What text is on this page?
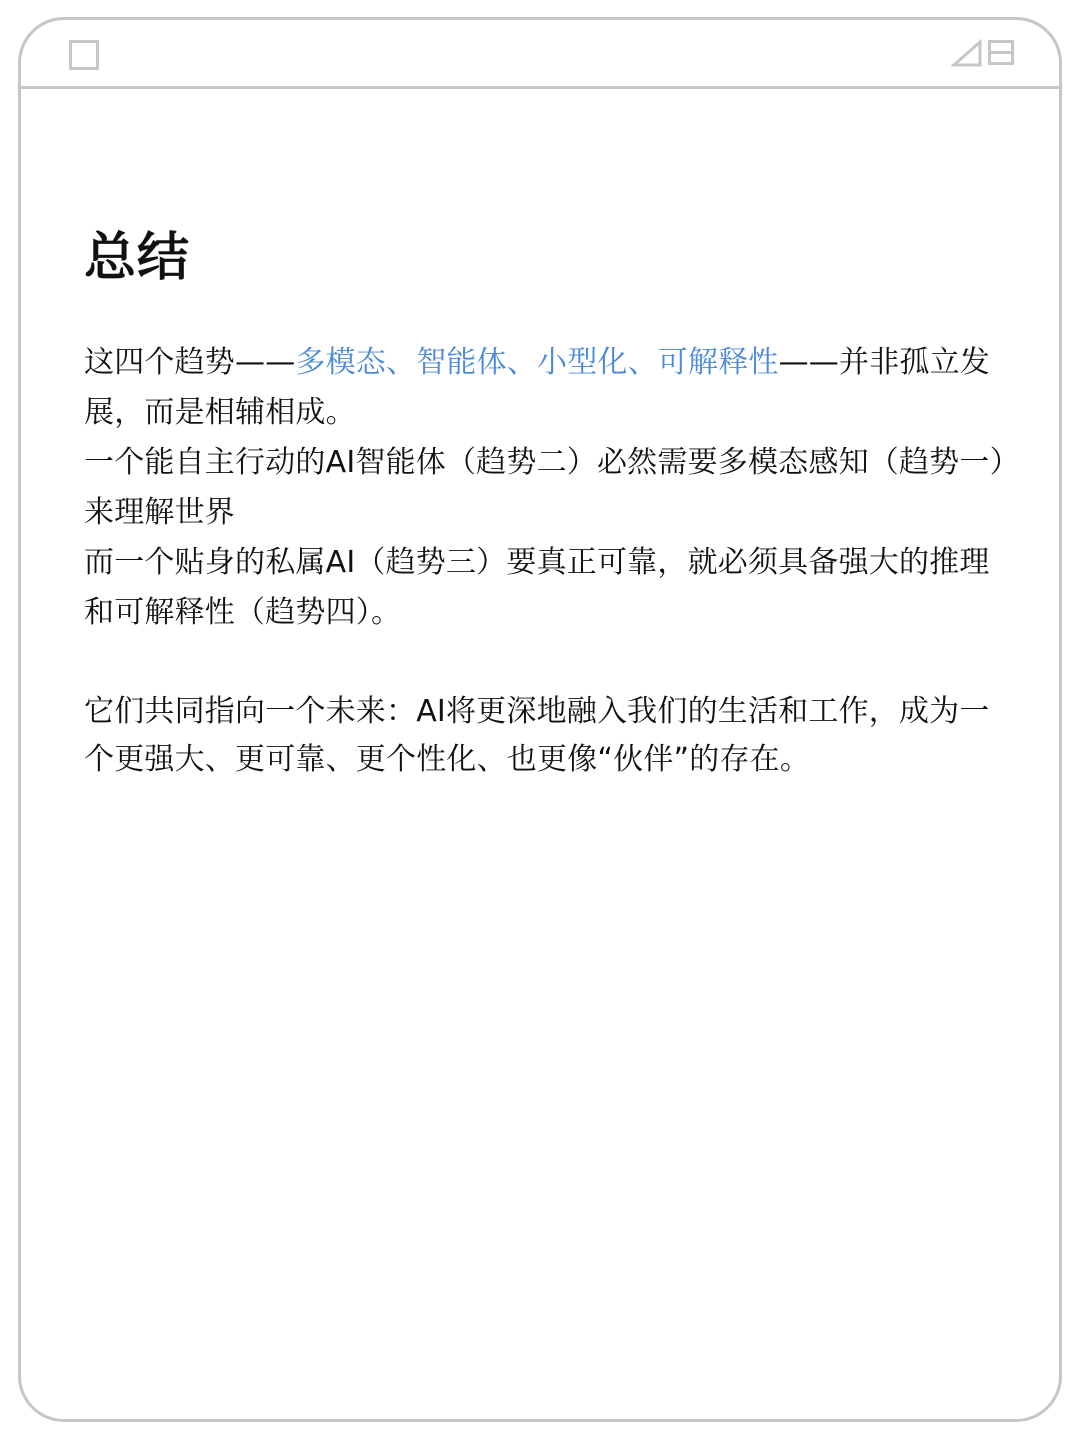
总结
这四个趋势——多模态、智能体、小型化、可解释性——并非孤立发展，而是相辅相成。
一个能自主行动的AI智能体（趋势二）必然需要多模态感知（趋势一）来理解世界
而一个贴身的私属AI（趋势三）要真正可靠，就必须具备强大的推理和可解释性（趋势四）。

它们共同指向一个未来：AI将更深地融入我们的生活和工作，成为一个更强大、更可靠、更个性化、也更像“伙伴”的存在。
